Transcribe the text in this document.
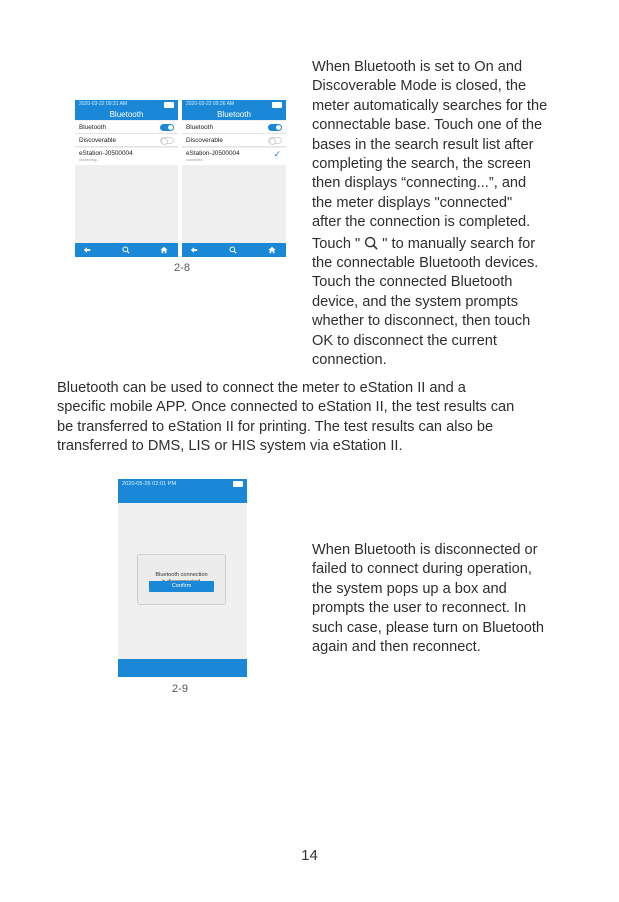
When Bluetooth is set to On and
Discoverable Mode is closed, the
meter automatically searches for the
connectable base. Touch one of the
bases in the search result list after
completing the search, the screen
then displays “connecting...”, and
the meter displays "connected"
after the connection is completed.
Touch "  " to manually search for
the connectable Bluetooth devices.
Touch the connected Bluetooth
device, and the system prompts
whether to disconnect, then touch
OK to disconnect the current
connection.
2020-03-22 09:31 AM
Bluetooth
Bluetooth
Discoverable
eStation-J0500004
connecting...
2020-03-22 09:36 AM
Bluetooth
Bluetooth
Discoverable
eStation-J0500004
connected
✓
2-8
Bluetooth can be used to connect the meter to eStation II and a
specific mobile APP. Once connected to eStation II, the test results can
be transferred to eStation II for printing. The test results can also be
transferred to DMS, LIS or HIS system via eStation II.
2020-05-26 02:01 PM
Bluetooth connection
Confirm
2-9
When Bluetooth is disconnected or
failed to connect during operation,
the system pops up a box and
prompts the user to reconnect. In
such case, please turn on Bluetooth
again and then reconnect.
14
